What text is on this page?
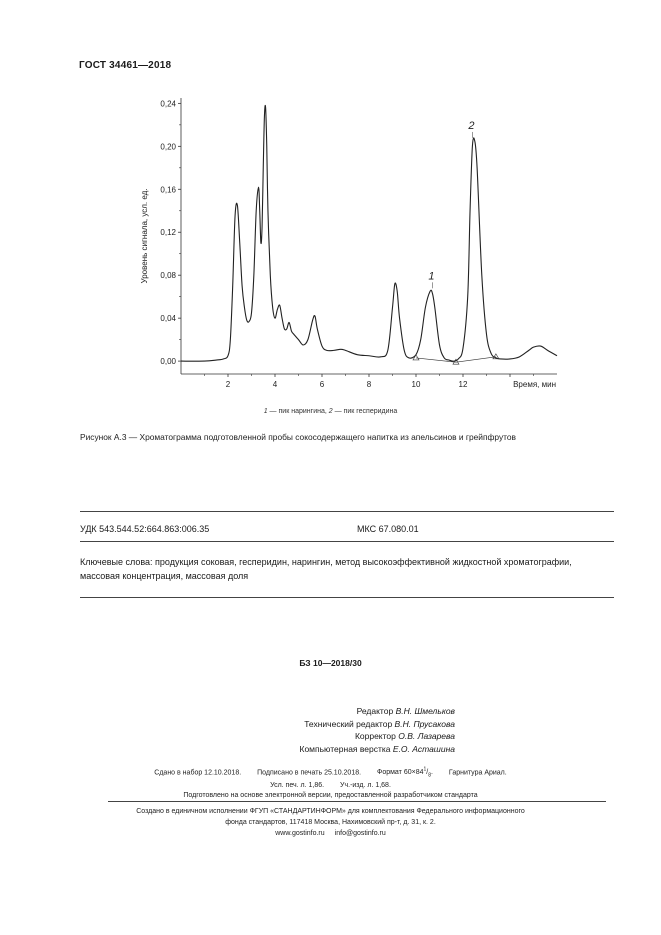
ГОСТ 34461—2018
0,00
0,04
0,08
0,12
0,16
0,20
0,24
2	4	6	8	10	12	Время, мин
Уровень сигнала, усл. ед.	1
2
1 — пик нарингина, 2 — пик гесперидина
Рисунок А.3 — Хроматограмма подготовленной пробы сокосодержащего напитка из апельсинов и грейпфрутов
УДК 543.544.52:664.863:006.35	МКС 67.080.01
Ключевые слова: продукция соковая, гесперидин, нарингин, метод высокоэффективной жидкостной хроматографии, массовая концентрация, массовая доля
БЗ 10—2018/30
Редактор В.Н. Шмельков
Технический редактор В.Н. Прусакова
Корректор О.В. Лазарева
Компьютерная верстка Е.О. Асташина
Сдано в набор 12.10.2018. Подписано в печать 25.10.2018. Формат $60\times 84^1/_8$. Гарнитура Ариал.
Усл. печ. л. 1,86. Уч.-изд. л. 1,68.
Подготовлено на основе электронной версии, предоставленной разработчиком стандарта
Создано в единичном исполнении ФГУП «СТАНДАРТИНФОРМ» для комплектования Федерального информационного
фонда стандартов, 117418 Москва, Нахимовский пр-т, д. 31, к. 2.
www.gostinfo.ru info@gostinfo.ru
